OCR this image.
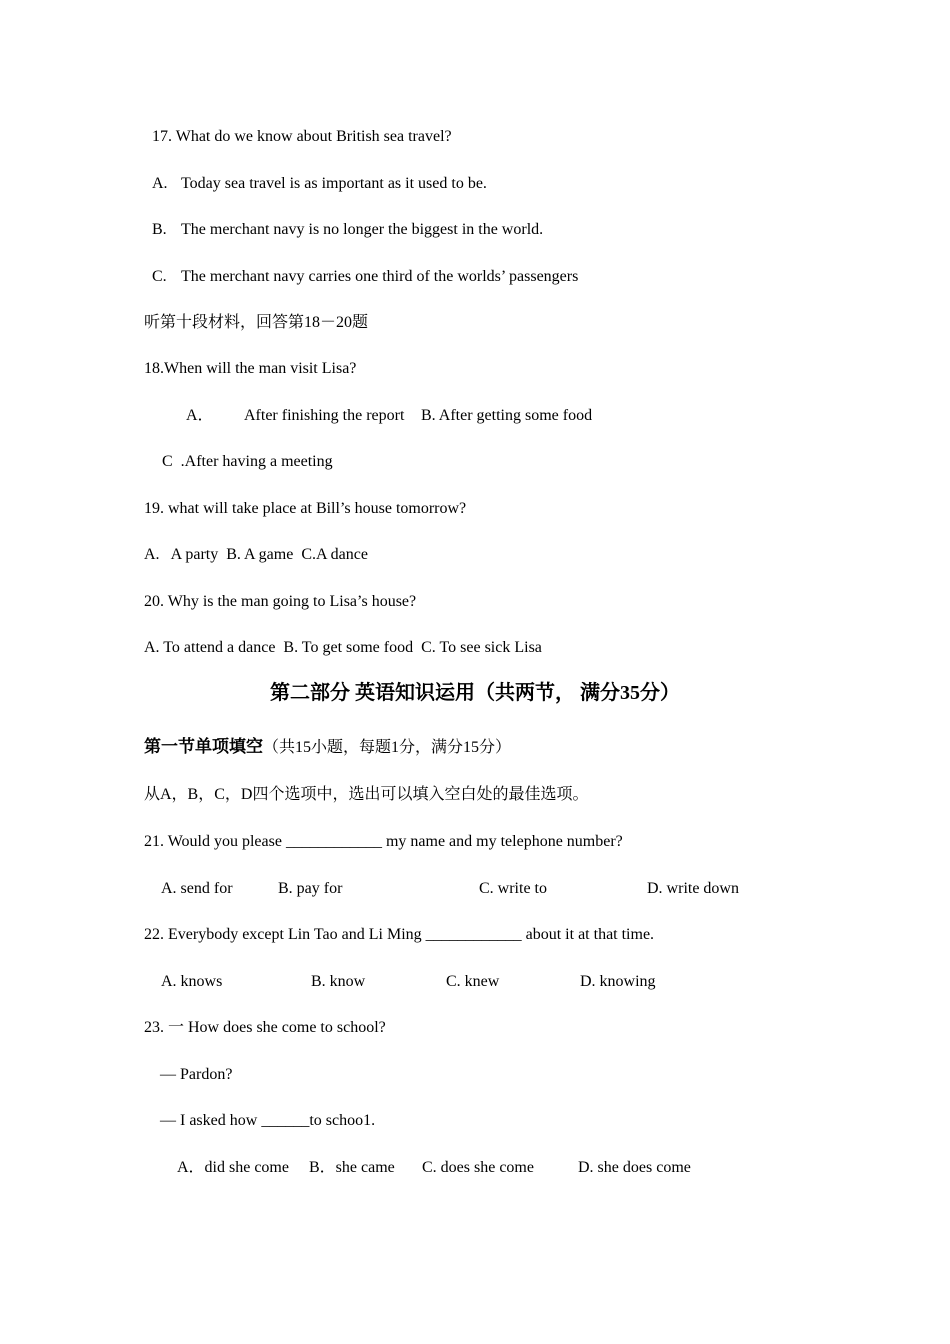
17. What do we know about British sea travel?
A. Today sea travel is as important as it used to be.
B. The merchant navy is no longer the biggest in the world.
C. The merchant navy carries one third of the worlds’ passengers
听第十段材料，回答第18－20题
18.When will the man visit Lisa?
A． After finishing the report B. After getting some food
C  .After having a meeting
19. what will take place at Bill’s house tomorrow?
A.   A party  B. A game  C.A dance
20. Why is the man going to Lisa’s house?
A. To attend a dance  B. To get some food  C. To see sick Lisa
第二部分 英语知识运用（共两节， 满分35分）
第一节单项填空（共15小题，每题1分，满分15分）
从A，B，C，D四个选项中，选出可以填入空白处的最佳选项。
21. Would you please ____________ my name and my telephone number?
A. send for	B. pay for	C. write to	D. write down
22. Everybody except Lin Tao and Li Ming ____________ about it at that time.
A. knows	B. know	C. knew	D. knowing
23. 一 How does she come to school?
— Pardon?
— I asked how ______to schoo1.
A．did she come B．she came C. does she come	D. she does come
